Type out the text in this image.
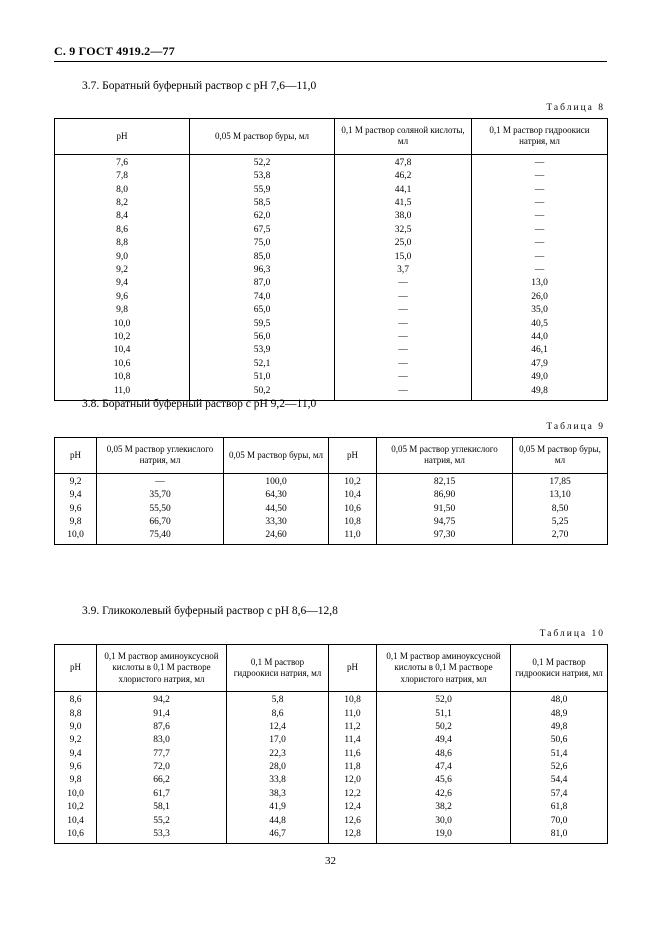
С. 9 ГОСТ 4919.2—77

3.7. Боратный буферный раствор с рН 7,6—11,0

Таблица 8
рН	0,05 М раствор буры, мл	0,1 М раствор соляной кислоты, мл	0,1 М раствор гидроокиси натрия, мл
7,6	52,2	47,8	—
7,8	53,8	46,2	—
8,0	55,9	44,1	—
8,2	58,5	41,5	—
8,4	62,0	38,0	—
8,6	67,5	32,5	—
8,8	75,0	25,0	—
9,0	85,0	15,0	—
9,2	96,3	3,7	—
9,4	87,0	—	13,0
9,6	74,0	—	26,0
9,8	65,0	—	35,0
10,0	59,5	—	40,5
10,2	56,0	—	44,0
10,4	53,9	—	46,1
10,6	52,1	—	47,9
10,8	51,0	—	49,0
11,0	50,2	—	49,8

3.8. Боратный буферный раствор с рН 9,2—11,0

Таблица 9
рН	0,05 М раствор углекислого натрия, мл	0,05 М раствор буры, мл	рН	0,05 М раствор углекислого натрия, мл	0,05 М раствор буры, мл
9,2	—	100,0	10,2	82,15	17,85
9,4	35,70	64,30	10,4	86,90	13,10
9,6	55,50	44,50	10,6	91,50	8,50
9,8	66,70	33,30	10,8	94,75	5,25
10,0	75,40	24,60	11,0	97,30	2,70

3.9. Гликоколевый буферный раствор с рН 8,6—12,8

Таблица 10
рН	0,1 М раствор аминоуксусной кислоты в 0,1 М растворе хлористого натрия, мл	0,1 М раствор гидроокиси натрия, мл	рН	0,1 М раствор аминоуксусной кислоты в 0,1 М растворе хлористого натрия, мл	0,1 М раствор гидроокиси натрия, мл
8,6	94,2	5,8	10,8	52,0	48,0
8,8	91,4	8,6	11,0	51,1	48,9
9,0	87,6	12,4	11,2	50,2	49,8
9,2	83,0	17,0	11,4	49,4	50,6
9,4	77,7	22,3	11,6	48,6	51,4
9,6	72,0	28,0	11,8	47,4	52,6
9,8	66,2	33,8	12,0	45,6	54,4
10,0	61,7	38,3	12,2	42,6	57,4
10,2	58,1	41,9	12,4	38,2	61,8
10,4	55,2	44,8	12,6	30,0	70,0
10,6	53,3	46,7	12,8	19,0	81,0
32
